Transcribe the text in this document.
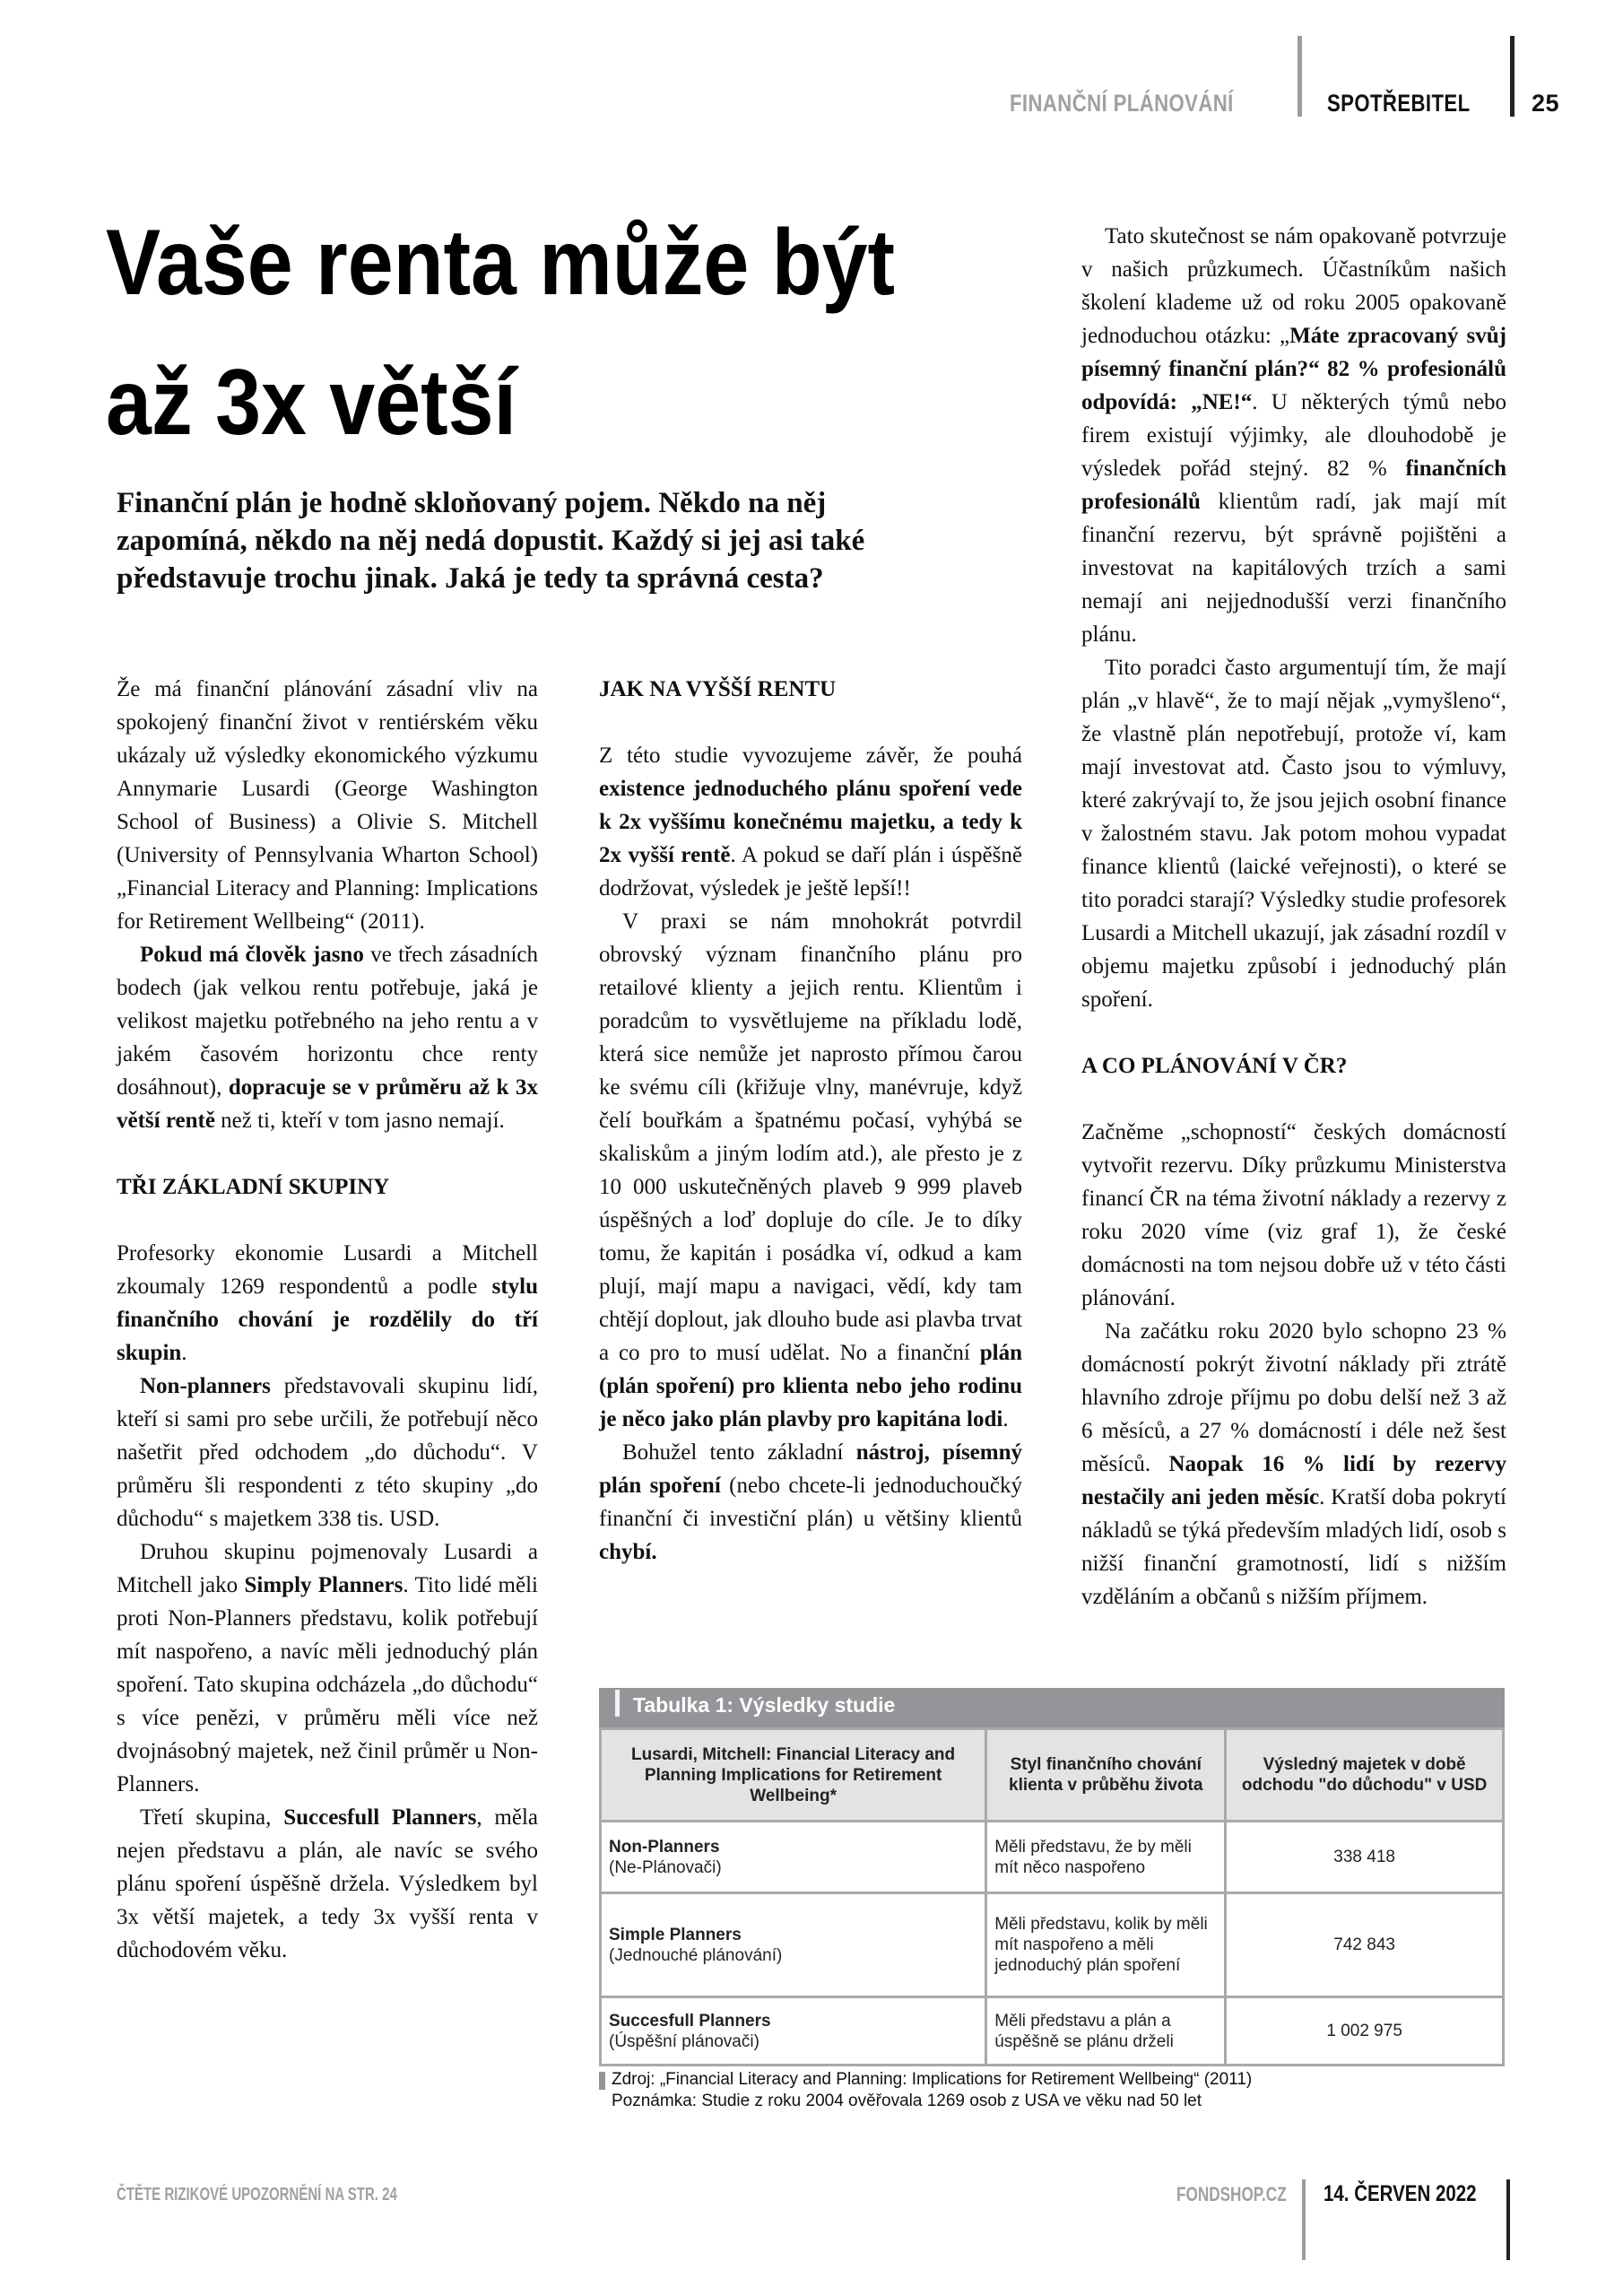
FINANČNÍ PLÁNOVÁNÍ	SPOTŘEBITEL	25
Vaše renta může být
až 3x větší
Finanční plán je hodně skloňovaný pojem. Někdo na něj zapomíná, někdo na něj nedá dopustit. Každý si jej asi také představuje trochu jinak. Jaká je tedy ta správná cesta?

Že má finanční plánování zásadní vliv na spokojený finanční život v rentiérském věku ukázaly už výsledky ekonomického výzkumu Annymarie Lusardi (George Washington School of Business) a Olivie S. Mitchell (University of Pennsylvania Wharton School) „Financial Literacy and Planning: Implications for Retirement Wellbeing“ (2011).

Pokud má člověk jasno ve třech zásadních bodech (jak velkou rentu potřebuje, jaká je velikost majetku potřebného na jeho rentu a v jakém časovém horizontu chce renty dosáhnout), dopracuje se v průměru až k 3x větší rentě než ti, kteří v tom jasno nemají.

TŘI ZÁKLADNÍ SKUPINY

Profesorky ekonomie Lusardi a Mitchell zkoumaly 1269 respondentů a podle stylu finančního chování je rozdělily do tří skupin.

Non-planners představovali skupinu lidí, kteří si sami pro sebe určili, že potřebují něco našetřit před odchodem „do důchodu“. V průměru šli respondenti z této skupiny „do důchodu“ s majetkem 338 tis. USD.

Druhou skupinu pojmenovaly Lusardi a Mitchell jako Simply Planners. Tito lidé měli proti Non-Planners představu, kolik potřebují mít naspořeno, a navíc měli jednoduchý plán spoření. Tato skupina odcházela „do důchodu“ s více penězi, v průměru měli více než dvojnásobný majetek, než činil průměr u Non-Planners.

Třetí skupina, Succesfull Planners, měla nejen představu a plán, ale navíc se svého plánu spoření úspěšně držela. Výsledkem byl 3x větší majetek, a tedy 3x vyšší renta v důchodovém věku.

JAK NA VYŠŠÍ RENTU

Z této studie vyvozujeme závěr, že pouhá existence jednoduchého plánu spoření vede k 2x vyššímu konečnému majetku, a tedy k 2x vyšší rentě. A pokud se daří plán i úspěšně dodržovat, výsledek je ještě lepší!!

V praxi se nám mnohokrát potvrdil obrovský význam finančního plánu pro retailové klienty a jejich rentu. Klientům i poradcům to vysvětlujeme na příkladu lodě, která sice nemůže jet naprosto přímou čarou ke svému cíli (křižuje vlny, manévruje, když čelí bouřkám a špatnému počasí, vyhýbá se skaliskům a jiným lodím atd.), ale přesto je z 10 000 uskutečněných plaveb 9 999 plaveb úspěšných a loď dopluje do cíle. Je to díky tomu, že kapitán i posádka ví, odkud a kam plují, mají mapu a navigaci, vědí, kdy tam chtějí doplout, jak dlouho bude asi plavba trvat a co pro to musí udělat. No a finanční plán (plán spoření) pro klienta nebo jeho rodinu je něco jako plán plavby pro kapitána lodi.

Bohužel tento základní nástroj, písemný plán spoření (nebo chcete-li jednoduchoučký finanční či investiční plán) u většiny klientů chybí.

Tato skutečnost se nám opakovaně potvrzuje v našich průzkumech. Účastníkům našich školení klademe už od roku 2005 opakovaně jednoduchou otázku: „Máte zpracovaný svůj písemný finanční plán?“ 82 % profesionálů odpovídá: „NE!“. U některých týmů nebo firem existují výjimky, ale dlouhodobě je výsledek pořád stejný. 82 % finančních profesionálů klientům radí, jak mají mít finanční rezervu, být správně pojištěni a investovat na kapitálových trzích a sami nemají ani nejjednodušší verzi finančního plánu.

Tito poradci často argumentují tím, že mají plán „v hlavě“, že to mají nějak „vymyšleno“, že vlastně plán nepotřebují, protože ví, kam mají investovat atd. Často jsou to výmluvy, které zakrývají to, že jsou jejich osobní finance v žalostném stavu. Jak potom mohou vypadat finance klientů (laické veřejnosti), o které se tito poradci starají? Výsledky studie profesorek Lusardi a Mitchell ukazují, jak zásadní rozdíl v objemu majetku způsobí i jednoduchý plán spoření.

A CO PLÁNOVÁNÍ V ČR?

Začněme „schopností“ českých domácností vytvořit rezervu. Díky průzkumu Ministerstva financí ČR na téma životní náklady a rezervy z roku 2020 víme (viz graf 1), že české domácnosti na tom nejsou dobře už v této části plánování.

Na začátku roku 2020 bylo schopno 23 % domácností pokrýt životní náklady při ztrátě hlavního zdroje příjmu po dobu delší než 3 až 6 měsíců, a 27 % domácností i déle než šest měsíců. Naopak 16 % lidí by rezervy nestačily ani jeden měsíc. Kratší doba pokrytí nákladů se týká především mladých lidí, osob s nižší finanční gramotností, lidí s nižším vzděláním a občanů s nižším příjmem.

Tabulka 1: Výsledky studie
Lusardi, Mitchell: Financial Literacy and Planning Implications for Retirement Wellbeing*	Styl finančního chování klienta v průběhu života	Výsledný majetek v době odchodu "do důchodu" v USD

Non-Planners
(Ne-Plánovači)	Měli představu, že by měli mít něco naspořeno	338 418

Simple Planners
(Jednouché plánování)	Měli představu, kolik by měli mít naspořeno a měli jednoduchý plán spoření	742 843

Succesfull Planners
(Úspěšní plánovači)	Měli představu a plán a úspěšně se plánu drželi	1 002 975
Zdroj: „Financial Literacy and Planning: Implications for Retirement Wellbeing“ (2011)
Poznámka: Studie z roku 2004 ověřovala 1269 osob z USA ve věku nad 50 let
ČTĚTE RIZIKOVÉ UPOZORNĚNÍ NA STR. 24	FONDSHOP.CZ 14. ČERVEN 2022
